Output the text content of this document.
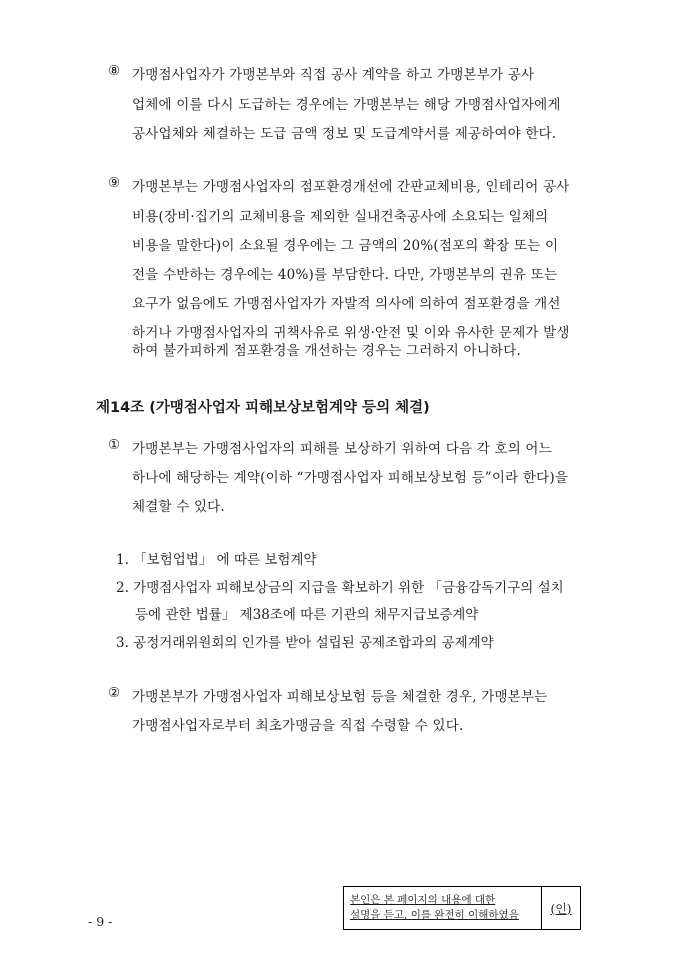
⑧ 가맹점사업자가 가맹본부와 직접 공사 계약을 하고 가맹본부가 공사
업체에 이를 다시 도급하는 경우에는 가맹본부는 해당 가맹점사업자에게
공사업체와 체결하는 도급 금액 정보 및 도급계약서를 제공하여야 한다.
⑨ 가맹본부는 가맹점사업자의 점포환경개선에 간판교체비용, 인테리어 공사
비용(장비·집기의 교체비용을 제외한 실내건축공사에 소요되는 일체의
비용을 말한다)이 소요될 경우에는 그 금액의 20%(점포의 확장 또는 이
전을 수반하는 경우에는 40%)를 부담한다. 다만, 가맹본부의 권유 또는
요구가 없음에도 가맹점사업자가 자발적 의사에 의하여 점포환경을 개선
하거나 가맹점사업자의 귀책사유로 위생·안전 및 이와 유사한 문제가 발생
하여 불가피하게 점포환경을 개선하는 경우는 그러하지 아니하다.
제14조 (가맹점사업자 피해보상보험계약 등의 체결)
① 가맹본부는 가맹점사업자의 피해를 보상하기 위하여 다음 각 호의 어느
하나에 해당하는 계약(이하 “가맹점사업자 피해보상보험 등”이라 한다)을
체결할 수 있다.
1. 「보험업법」 에 따른 보험계약
2. 가맹점사업자 피해보상금의 지급을 확보하기 위한 「금융감독기구의 설치
등에 관한 법률」 제38조에 따른 기관의 채무지급보증계약
3. 공정거래위원회의 인가를 받아 설립된 공제조합과의 공제계약
② 가맹본부가 가맹점사업자 피해보상보험 등을 체결한 경우, 가맹본부는
가맹점사업자로부터 최초가맹금을 직접 수령할 수 있다.
- 9 -
본인은 본 페이지의 내용에 대한
설명을 듣고, 이를 완전히 이해하였음	(인)
